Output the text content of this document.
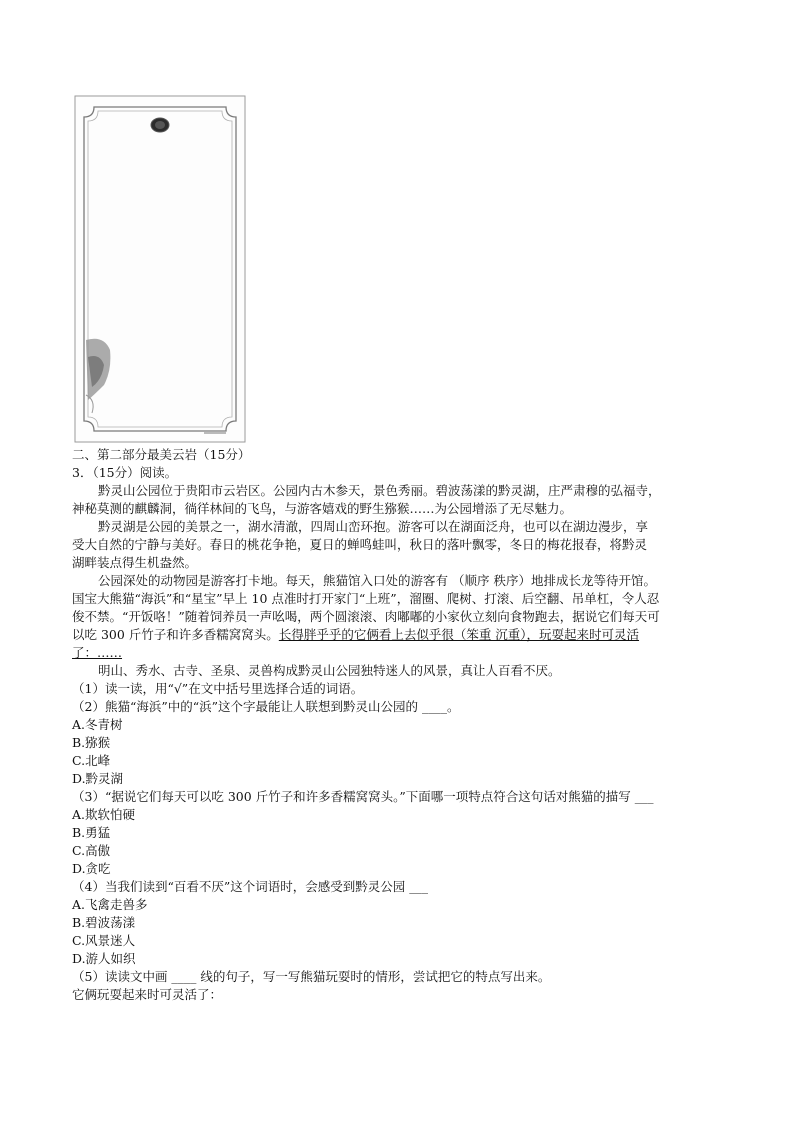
二、第二部分最美云岩（15分）
3．（15分）阅读。
黔灵山公园位于贵阳市云岩区。公园内古木参天，景色秀丽。碧波荡漾的黔灵湖，庄严肃穆的弘福寺，
神秘莫测的麒麟洞，徜徉林间的飞鸟，与游客嬉戏的野生猕猴……为公园增添了无尽魅力。
黔灵湖是公园的美景之一，湖水清澈，四周山峦环抱。游客可以在湖面泛舟，也可以在湖边漫步，享
受大自然的宁静与美好。春日的桃花争艳，夏日的蝉鸣蛙叫，秋日的落叶飘零，冬日的梅花报春，将黔灵
湖畔装点得生机盎然。
公园深处的动物园是游客打卡地。每天，熊猫馆入口处的游客有 （顺序 秩序）地排成长龙等待开馆。
国宝大熊猫“海浜”和“星宝”早上 10 点准时打开家门“上班”，溜圈、爬树、打滚、后空翻、吊单杠，令人忍
俊不禁。“开饭咯！”随着饲养员一声吆喝，两个圆滚滚、肉嘟嘟的小家伙立刻向食物跑去，据说它们每天可
以吃 300 斤竹子和许多香糯窝窝头。长得胖乎乎的它俩看上去似乎很（笨重 沉重），玩耍起来时可灵活
了：……
明山、秀水、古寺、圣泉、灵兽构成黔灵山公园独特迷人的风景，真让人百看不厌。
（1）读一读，用“√”在文中括号里选择合适的词语。
（2）熊猫“海浜”中的“浜”这个字最能让人联想到黔灵山公园的 ____。
A.冬青树
B.猕猴
C.北峰
D.黔灵湖
（3）“据说它们每天可以吃 300 斤竹子和许多香糯窝窝头。”下面哪一项特点符合这句话对熊猫的描写 ___
A.欺软怕硬
B.勇猛
C.高傲
D.贪吃
（4）当我们读到“百看不厌”这个词语时，会感受到黔灵公园 ___
A.飞禽走兽多
B.碧波荡漾
C.风景迷人
D.游人如织
（5）读读文中画 ____ 线的句子，写一写熊猫玩耍时的情形，尝试把它的特点写出来。
它俩玩耍起来时可灵活了：
